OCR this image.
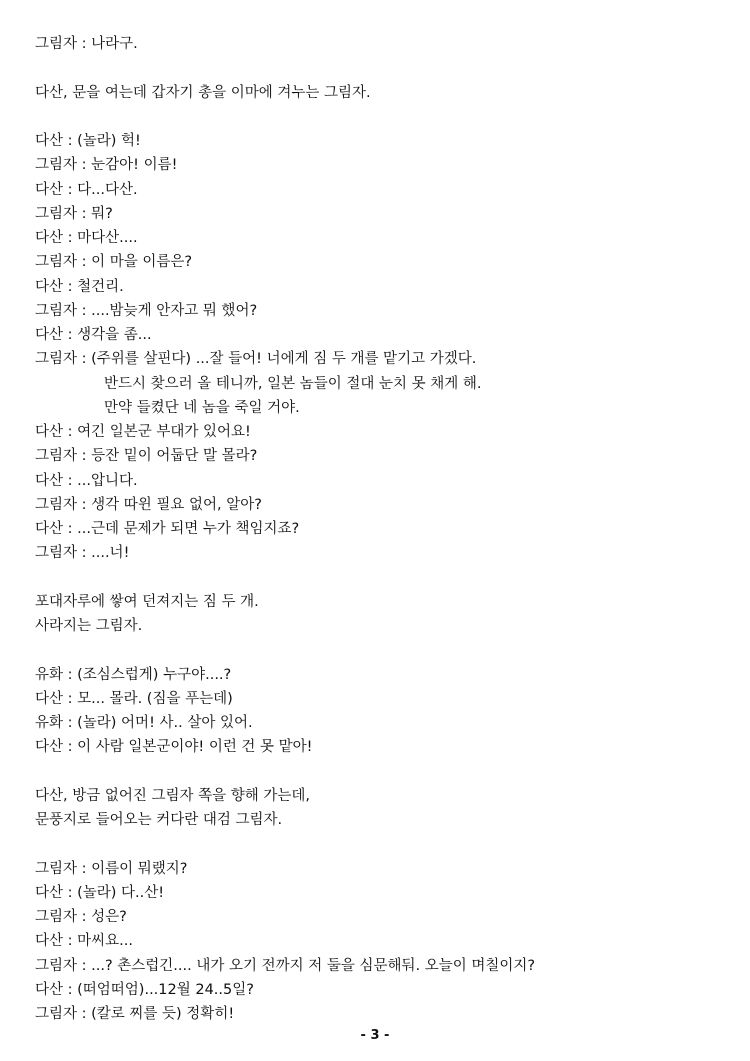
그림자 : 나라구.
다산, 문을 여는데 갑자기 총을 이마에 겨누는 그림자.
다산 : (놀라) 헉!
그림자 : 눈감아! 이름!
다산 : 다...다산.
그림자 : 뭐?
다산 : 마다산....
그림자 : 이 마을 이름은?
다산 : 철건리.
그림자 : ....밤늦게 안자고 뭐 했어?
다산 : 생각을 좀...
그림자 : (주위를 살핀다) ...잘 들어! 너에게 짐 두 개를 맡기고 가겠다.
반드시 찾으러 올 테니까, 일본 놈들이 절대 눈치 못 채게 해.
만약 들켰단 네 놈을 죽일 거야.
다산 : 여긴 일본군 부대가 있어요!
그림자 : 등잔 밑이 어둡단 말 몰라?
다산 : ...압니다.
그림자 : 생각 따윈 필요 없어, 알아?
다산 : ...근데 문제가 되면 누가 책임지죠?
그림자 : ....너!
포대자루에 쌓여 던져지는 짐 두 개.
사라지는 그림자.
유화 : (조심스럽게) 누구야....?
다산 : 모... 몰라. (짐을 푸는데)
유화 : (놀라) 어머! 사.. 살아 있어.
다산 : 이 사람 일본군이야! 이런 건 못 맡아!
다산, 방금 없어진 그림자 쪽을 향해 가는데,
문풍지로 들어오는 커다란 대검 그림자.
그림자 : 이름이 뭐랬지?
다산 : (놀라) 다..산!
그림자 : 성은?
다산 : 마씨요...
그림자 : ...? 촌스럽긴.... 내가 오기 전까지 저 둘을 심문해둬. 오늘이 며칠이지?
다산 : (떠엄떠엄)...12월 24..5일?
그림자 : (칼로 찌를 듯) 정확히!
- 3 -
